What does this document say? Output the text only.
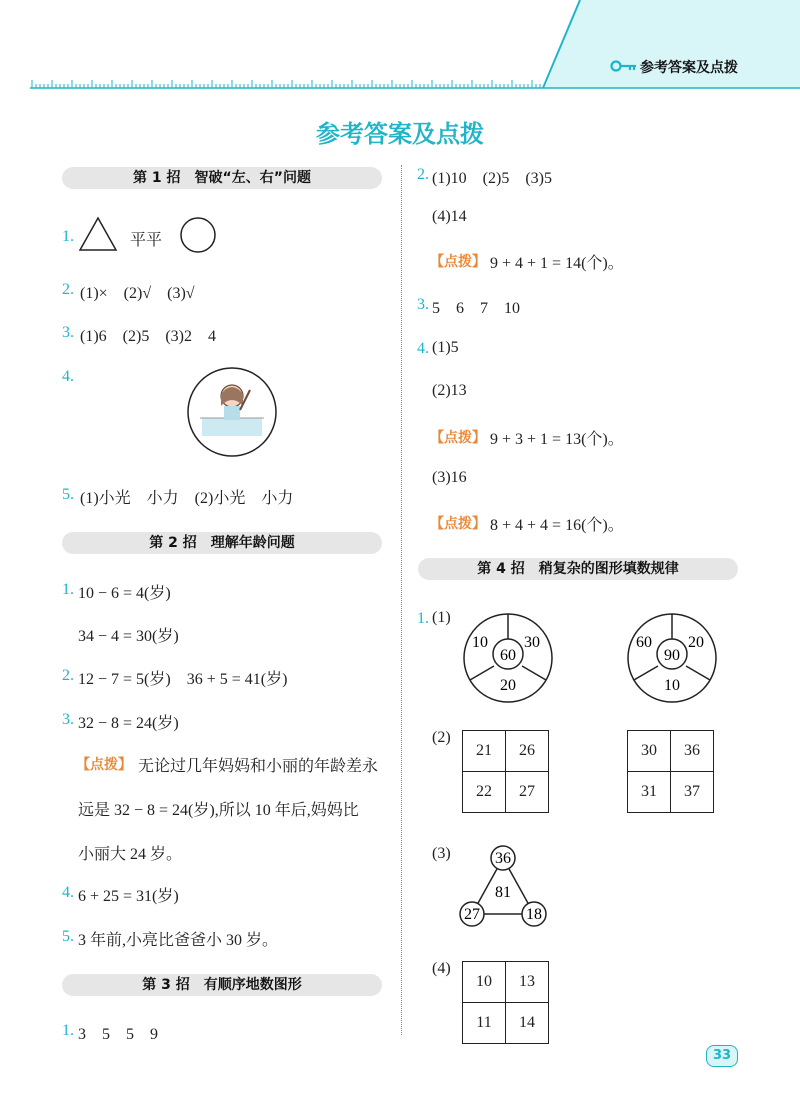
参考答案及点拨
参考答案及点拨
第 1 招　智破“左、右”问题
1.	平平
2. (1)×　(2)√　(3)√
3. (1)6　(2)5　(3)2　4
4.
5. (1)小光　小力　(2)小光　小力
第 2 招　理解年龄问题
1. 10 − 6 = 4(岁)
34 − 4 = 30(岁)
2. 12 − 7 = 5(岁)　36 + 5 = 41(岁)
3. 32 − 8 = 24(岁)
【点拨】 无论过几年妈妈和小丽的年龄差永
远是 32 − 8 = 24(岁),所以 10 年后,妈妈比
小丽大 24 岁。
4. 6 + 25 = 31(岁)
5. 3 年前,小亮比爸爸小 30 岁。
第 3 招　有顺序地数图形
1. 3　5　5　9
2. (1)10　(2)5　(3)5
(4)14
【点拨】 9 + 4 + 1 = 14(个)。
3. 5　6　7　10
4. (1)5
(2)13
【点拨】 9 + 3 + 1 = 13(个)。
(3)16
【点拨】 8 + 4 + 4 = 16(个)。
第 4 招　稍复杂的图形填数规律
1. (1)
10 30
60
20
60 20
90
10
(2)
21	26
22	27
30	36
31	37
(3)	36
81
27	18
(4)
10	13
11	14
33
